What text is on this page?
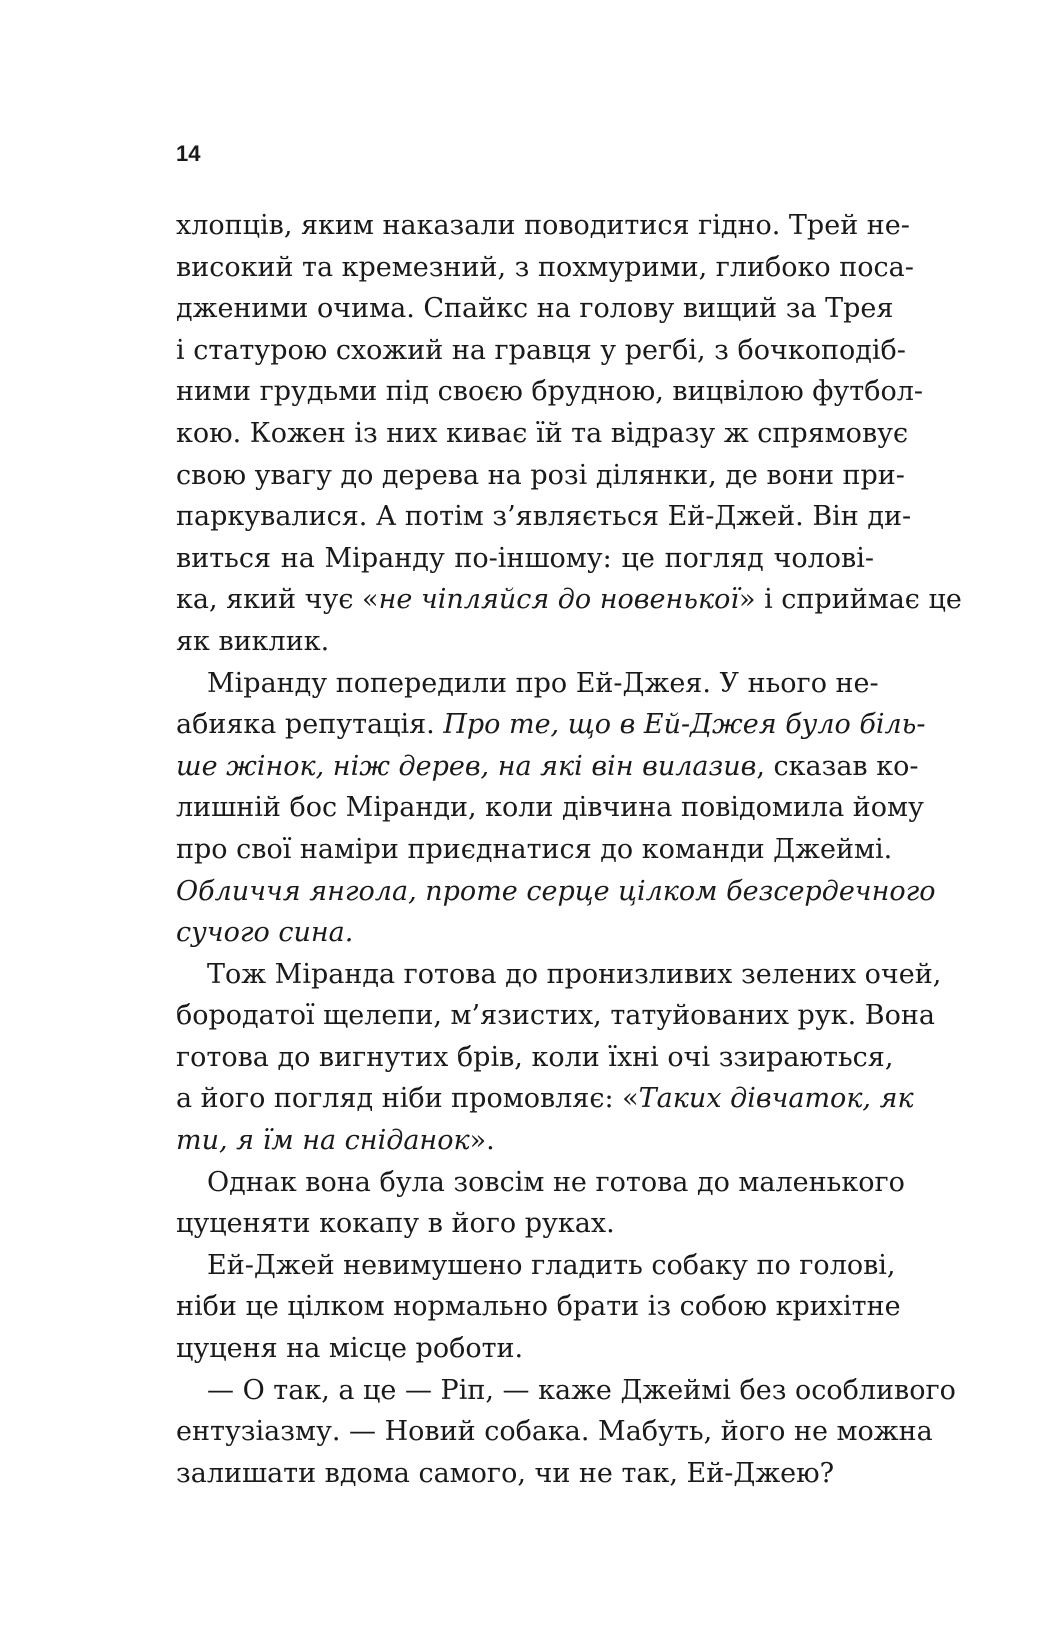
14
хлопців, яким наказали поводитися гідно. Трей не-
високий та кремезний, з похмурими, глибоко поса-
дженими очима. Спайкс на голову вищий за Трея
і статурою схожий на гравця у регбі, з бочкоподіб-
ними грудьми під своєю брудною, вицвілою футбол-
кою. Кожен із них киває їй та відразу ж спрямовує
свою увагу до дерева на розі ділянки, де вони при-
паркувалися. А потім з’являється Ей-Джей. Він ди-
виться на Міранду по-іншому: це погляд чолові-
ка, який чує «не чіпляйся до новенької» і сприймає це
як виклик.
Міранду попередили про Ей-Джея. У нього не-
абияка репутація. Про те, що в Ей-Джея було біль-
ше жінок, ніж дерев, на які він вилазив, сказав ко-
лишній бос Міранди, коли дівчина повідомила йому
про свої наміри приєднатися до команди Джеймі.
Обличчя янгола, проте серце цілком безсердечного
сучого сина.
Тож Міранда готова до пронизливих зелених очей,
бородатої щелепи, м’язистих, татуйованих рук. Вона
готова до вигнутих брів, коли їхні очі ззираються,
а його погляд ніби промовляє: «Таких дівчаток, як
ти, я їм на сніданок».
Однак вона була зовсім не готова до маленького
цуценяти кокапу в його руках.
Ей-Джей невимушено гладить собаку по голові,
ніби це цілком нормально брати із собою крихітне
цуценя на місце роботи.
— О так, а це — Ріп, — каже Джеймі без особливого
ентузіазму. — Новий собака. Мабуть, його не можна
залишати вдома самого, чи не так, Ей-Джею?
